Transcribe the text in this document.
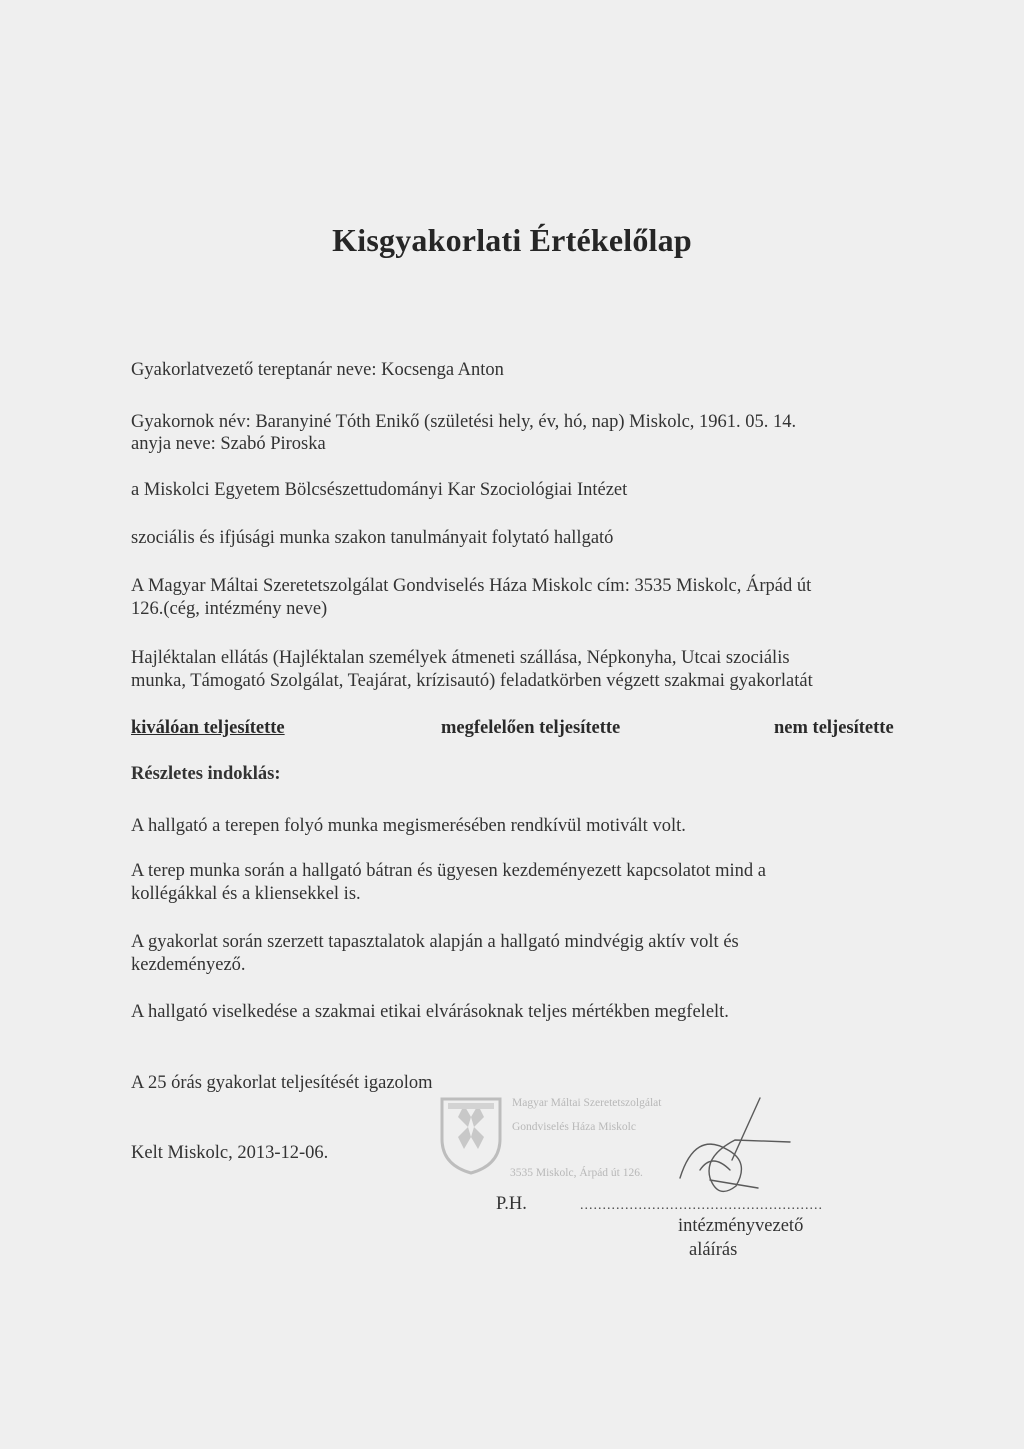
Kisgyakorlati Értékelőlap
Gyakorlatvezető tereptanár neve: Kocsenga Anton
Gyakornok név: Baranyiné Tóth Enikő (születési hely, év, hó, nap) Miskolc, 1961. 05. 14.
anyja neve: Szabó Piroska
a Miskolci Egyetem Bölcsészettudományi Kar Szociológiai Intézet
szociális és ifjúsági munka szakon tanulmányait folytató hallgató
A Magyar Máltai Szeretetszolgálat Gondviselés Háza Miskolc cím: 3535 Miskolc, Árpád út
126.(cég, intézmény neve)
Hajléktalan ellátás (Hajléktalan személyek átmeneti szállása, Népkonyha, Utcai szociális
munka, Támogató Szolgálat, Teajárat, krízisautó) feladatkörben végzett szakmai gyakorlatát
kiválóan teljesítette	megfelelően teljesítette	nem teljesítette
Részletes indoklás:
A hallgató a terepen folyó munka megismerésében rendkívül motivált volt.
A terep munka során a hallgató bátran és ügyesen kezdeményezett kapcsolatot mind a
kollégákkal és a kliensekkel is.
A gyakorlat során szerzett tapasztalatok alapján a hallgató mindvégig aktív volt és
kezdeményező.
A hallgató viselkedése a szakmai etikai elvárásoknak teljes mértékben megfelelt.
A 25 órás gyakorlat teljesítését igazolom
Kelt Miskolc, 2013-12-06.
Magyar Máltai Szeretetszolgálat
Gondviselés Háza Miskolc
3535 Miskolc, Árpád út 126.
P.H.	......................................................
intézményvezető
aláírás
